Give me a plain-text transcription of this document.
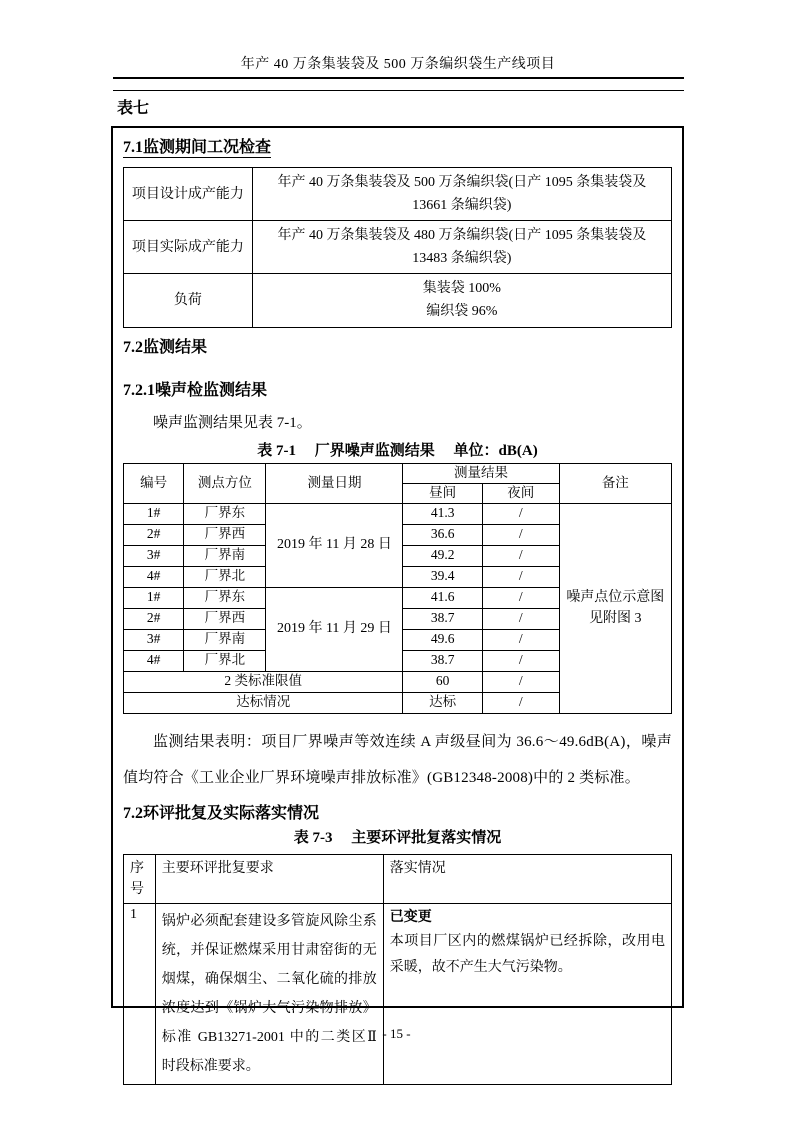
年产 40 万条集装袋及 500 万条编织袋生产线项目
表七

7.1监测期间工况检查

项目设计成产能力	年产 40 万条集装袋及 500 万条编织袋(日产 1095 条集装袋及 13661 条编织袋)
项目实际成产能力	年产 40 万条集装袋及 480 万条编织袋(日产 1095 条集装袋及 13483 条编织袋)
负荷	集装袋 100%
编织袋 96%

7.2监测结果

7.2.1噪声检监测结果

噪声监测结果见表 7-1。

表 7-1　 厂界噪声监测结果　 单位：dB(A)

编号	测点方位	测量日期	测量结果		备注
			昼间	夜间	
1#	厂界东	2019 年 11 月 28 日	41.3	/	噪声点位示意图
见附图 3

2#	厂界西		36.6	/	
3#	厂界南		49.2	/	
4#	厂界北		39.4	/	
1#	厂界东	2019 年 11 月 29 日	41.6	/	
2#	厂界西		38.7	/	
3#	厂界南		49.6	/	
4#	厂界北		38.7	/	
2 类标准限值			60	/	
达标情况			达标	/	

监测结果表明：项目厂界噪声等效连续 A 声级昼间为 36.6～49.6dB(A)，噪声值均符合《工业企业厂界环境噪声排放标准》(GB12348-2008)中的 2 类标准。

7.2环评批复及实际落实情况

表 7-3　 主要环评批复落实情况

序号	主要环评批复要求	落实情况
1	锅炉必须配套建设多管旋风除尘系统，并保证燃煤采用甘肃窑街的无烟煤，确保烟尘、二氧化硫的排放浓度达到《锅炉大气污染物排放》标准 GB13271-2001 中的二类区Ⅱ时段标准要求。	已变更
本项目厂区内的燃煤锅炉已经拆除，改用电采暖，故不产生大气污染物。
- 15 -
